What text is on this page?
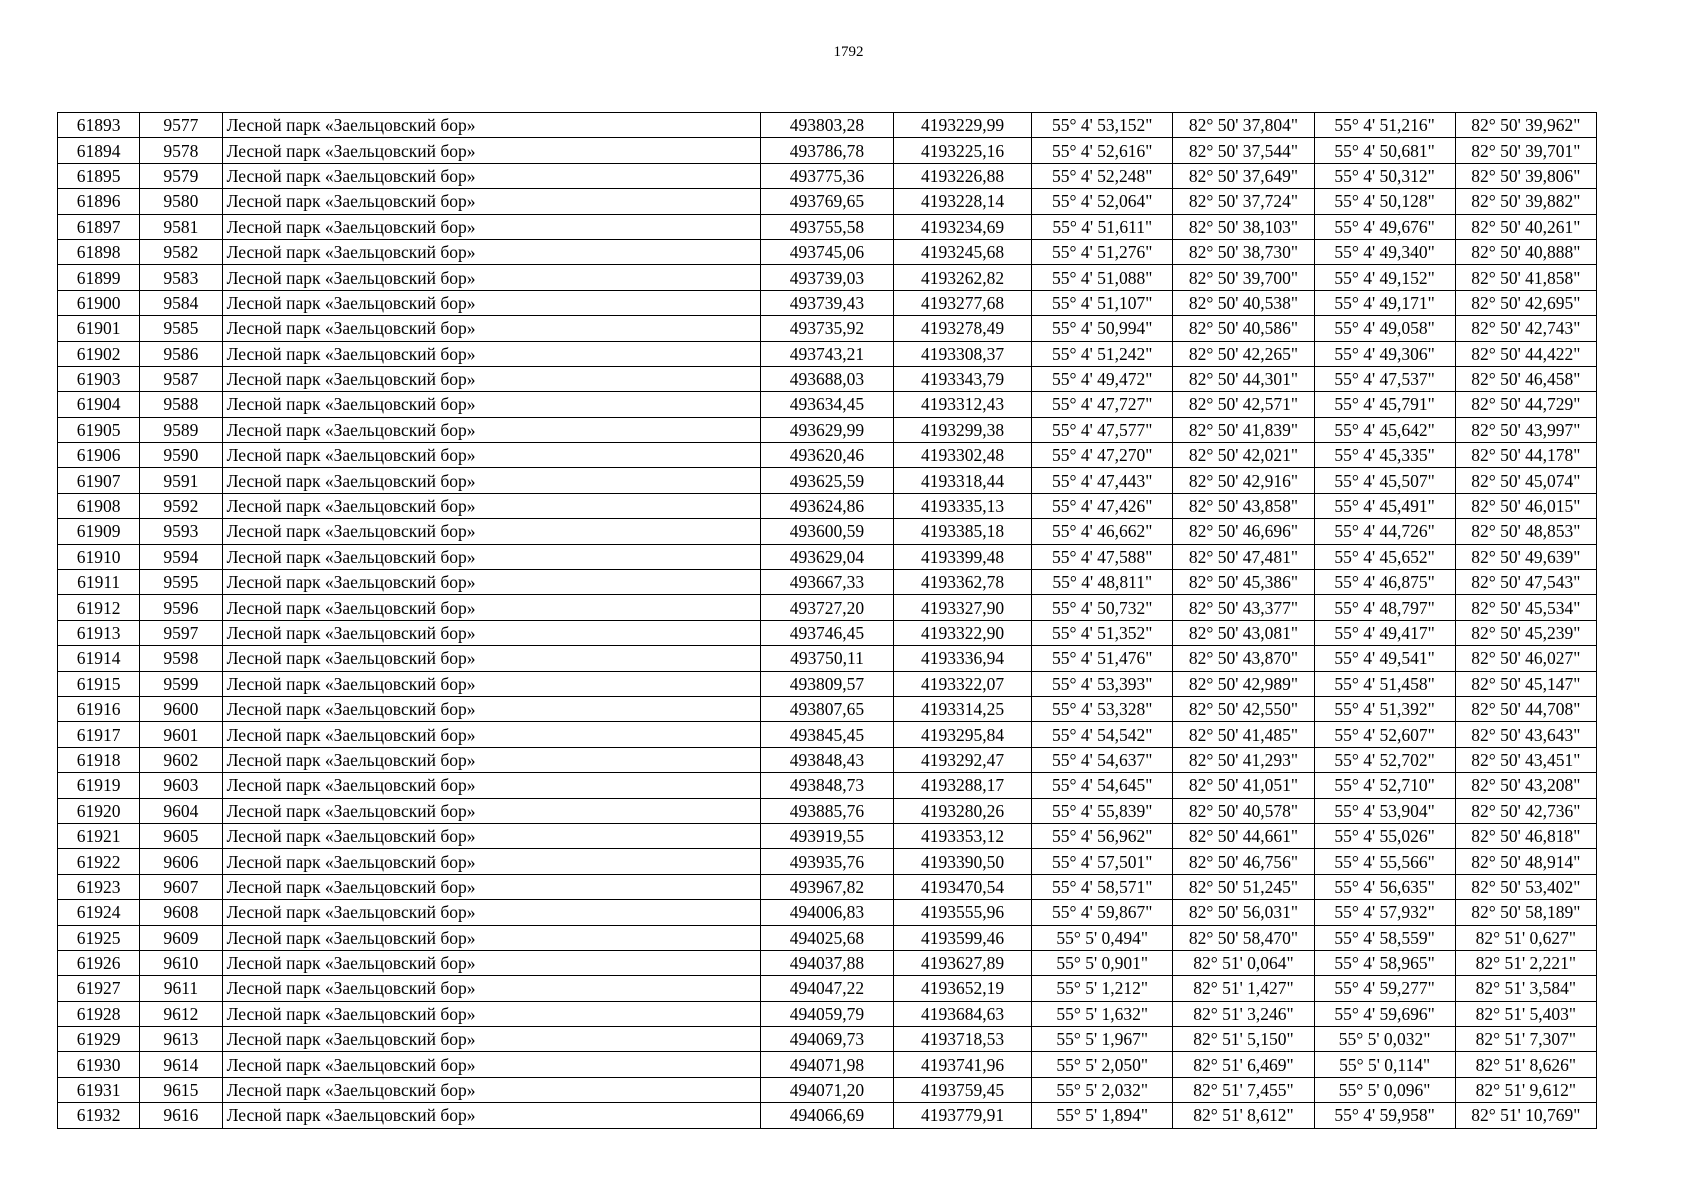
1792
61893	9577	Лесной парк «Заельцовский бор»	493803,28	4193229,99	55° 4' 53,152"	82° 50' 37,804"	55° 4' 51,216"	82° 50' 39,962"
61894	9578	Лесной парк «Заельцовский бор»	493786,78	4193225,16	55° 4' 52,616"	82° 50' 37,544"	55° 4' 50,681"	82° 50' 39,701"
61895	9579	Лесной парк «Заельцовский бор»	493775,36	4193226,88	55° 4' 52,248"	82° 50' 37,649"	55° 4' 50,312"	82° 50' 39,806"
61896	9580	Лесной парк «Заельцовский бор»	493769,65	4193228,14	55° 4' 52,064"	82° 50' 37,724"	55° 4' 50,128"	82° 50' 39,882"
61897	9581	Лесной парк «Заельцовский бор»	493755,58	4193234,69	55° 4' 51,611"	82° 50' 38,103"	55° 4' 49,676"	82° 50' 40,261"
61898	9582	Лесной парк «Заельцовский бор»	493745,06	4193245,68	55° 4' 51,276"	82° 50' 38,730"	55° 4' 49,340"	82° 50' 40,888"
61899	9583	Лесной парк «Заельцовский бор»	493739,03	4193262,82	55° 4' 51,088"	82° 50' 39,700"	55° 4' 49,152"	82° 50' 41,858"
61900	9584	Лесной парк «Заельцовский бор»	493739,43	4193277,68	55° 4' 51,107"	82° 50' 40,538"	55° 4' 49,171"	82° 50' 42,695"
61901	9585	Лесной парк «Заельцовский бор»	493735,92	4193278,49	55° 4' 50,994"	82° 50' 40,586"	55° 4' 49,058"	82° 50' 42,743"
61902	9586	Лесной парк «Заельцовский бор»	493743,21	4193308,37	55° 4' 51,242"	82° 50' 42,265"	55° 4' 49,306"	82° 50' 44,422"
61903	9587	Лесной парк «Заельцовский бор»	493688,03	4193343,79	55° 4' 49,472"	82° 50' 44,301"	55° 4' 47,537"	82° 50' 46,458"
61904	9588	Лесной парк «Заельцовский бор»	493634,45	4193312,43	55° 4' 47,727"	82° 50' 42,571"	55° 4' 45,791"	82° 50' 44,729"
61905	9589	Лесной парк «Заельцовский бор»	493629,99	4193299,38	55° 4' 47,577"	82° 50' 41,839"	55° 4' 45,642"	82° 50' 43,997"
61906	9590	Лесной парк «Заельцовский бор»	493620,46	4193302,48	55° 4' 47,270"	82° 50' 42,021"	55° 4' 45,335"	82° 50' 44,178"
61907	9591	Лесной парк «Заельцовский бор»	493625,59	4193318,44	55° 4' 47,443"	82° 50' 42,916"	55° 4' 45,507"	82° 50' 45,074"
61908	9592	Лесной парк «Заельцовский бор»	493624,86	4193335,13	55° 4' 47,426"	82° 50' 43,858"	55° 4' 45,491"	82° 50' 46,015"
61909	9593	Лесной парк «Заельцовский бор»	493600,59	4193385,18	55° 4' 46,662"	82° 50' 46,696"	55° 4' 44,726"	82° 50' 48,853"
61910	9594	Лесной парк «Заельцовский бор»	493629,04	4193399,48	55° 4' 47,588"	82° 50' 47,481"	55° 4' 45,652"	82° 50' 49,639"
61911	9595	Лесной парк «Заельцовский бор»	493667,33	4193362,78	55° 4' 48,811"	82° 50' 45,386"	55° 4' 46,875"	82° 50' 47,543"
61912	9596	Лесной парк «Заельцовский бор»	493727,20	4193327,90	55° 4' 50,732"	82° 50' 43,377"	55° 4' 48,797"	82° 50' 45,534"
61913	9597	Лесной парк «Заельцовский бор»	493746,45	4193322,90	55° 4' 51,352"	82° 50' 43,081"	55° 4' 49,417"	82° 50' 45,239"
61914	9598	Лесной парк «Заельцовский бор»	493750,11	4193336,94	55° 4' 51,476"	82° 50' 43,870"	55° 4' 49,541"	82° 50' 46,027"
61915	9599	Лесной парк «Заельцовский бор»	493809,57	4193322,07	55° 4' 53,393"	82° 50' 42,989"	55° 4' 51,458"	82° 50' 45,147"
61916	9600	Лесной парк «Заельцовский бор»	493807,65	4193314,25	55° 4' 53,328"	82° 50' 42,550"	55° 4' 51,392"	82° 50' 44,708"
61917	9601	Лесной парк «Заельцовский бор»	493845,45	4193295,84	55° 4' 54,542"	82° 50' 41,485"	55° 4' 52,607"	82° 50' 43,643"
61918	9602	Лесной парк «Заельцовский бор»	493848,43	4193292,47	55° 4' 54,637"	82° 50' 41,293"	55° 4' 52,702"	82° 50' 43,451"
61919	9603	Лесной парк «Заельцовский бор»	493848,73	4193288,17	55° 4' 54,645"	82° 50' 41,051"	55° 4' 52,710"	82° 50' 43,208"
61920	9604	Лесной парк «Заельцовский бор»	493885,76	4193280,26	55° 4' 55,839"	82° 50' 40,578"	55° 4' 53,904"	82° 50' 42,736"
61921	9605	Лесной парк «Заельцовский бор»	493919,55	4193353,12	55° 4' 56,962"	82° 50' 44,661"	55° 4' 55,026"	82° 50' 46,818"
61922	9606	Лесной парк «Заельцовский бор»	493935,76	4193390,50	55° 4' 57,501"	82° 50' 46,756"	55° 4' 55,566"	82° 50' 48,914"
61923	9607	Лесной парк «Заельцовский бор»	493967,82	4193470,54	55° 4' 58,571"	82° 50' 51,245"	55° 4' 56,635"	82° 50' 53,402"
61924	9608	Лесной парк «Заельцовский бор»	494006,83	4193555,96	55° 4' 59,867"	82° 50' 56,031"	55° 4' 57,932"	82° 50' 58,189"
61925	9609	Лесной парк «Заельцовский бор»	494025,68	4193599,46	55° 5' 0,494"	82° 50' 58,470"	55° 4' 58,559"	82° 51' 0,627"
61926	9610	Лесной парк «Заельцовский бор»	494037,88	4193627,89	55° 5' 0,901"	82° 51' 0,064"	55° 4' 58,965"	82° 51' 2,221"
61927	9611	Лесной парк «Заельцовский бор»	494047,22	4193652,19	55° 5' 1,212"	82° 51' 1,427"	55° 4' 59,277"	82° 51' 3,584"
61928	9612	Лесной парк «Заельцовский бор»	494059,79	4193684,63	55° 5' 1,632"	82° 51' 3,246"	55° 4' 59,696"	82° 51' 5,403"
61929	9613	Лесной парк «Заельцовский бор»	494069,73	4193718,53	55° 5' 1,967"	82° 51' 5,150"	55° 5' 0,032"	82° 51' 7,307"
61930	9614	Лесной парк «Заельцовский бор»	494071,98	4193741,96	55° 5' 2,050"	82° 51' 6,469"	55° 5' 0,114"	82° 51' 8,626"
61931	9615	Лесной парк «Заельцовский бор»	494071,20	4193759,45	55° 5' 2,032"	82° 51' 7,455"	55° 5' 0,096"	82° 51' 9,612"
61932	9616	Лесной парк «Заельцовский бор»	494066,69	4193779,91	55° 5' 1,894"	82° 51' 8,612"	55° 4' 59,958"	82° 51' 10,769"
